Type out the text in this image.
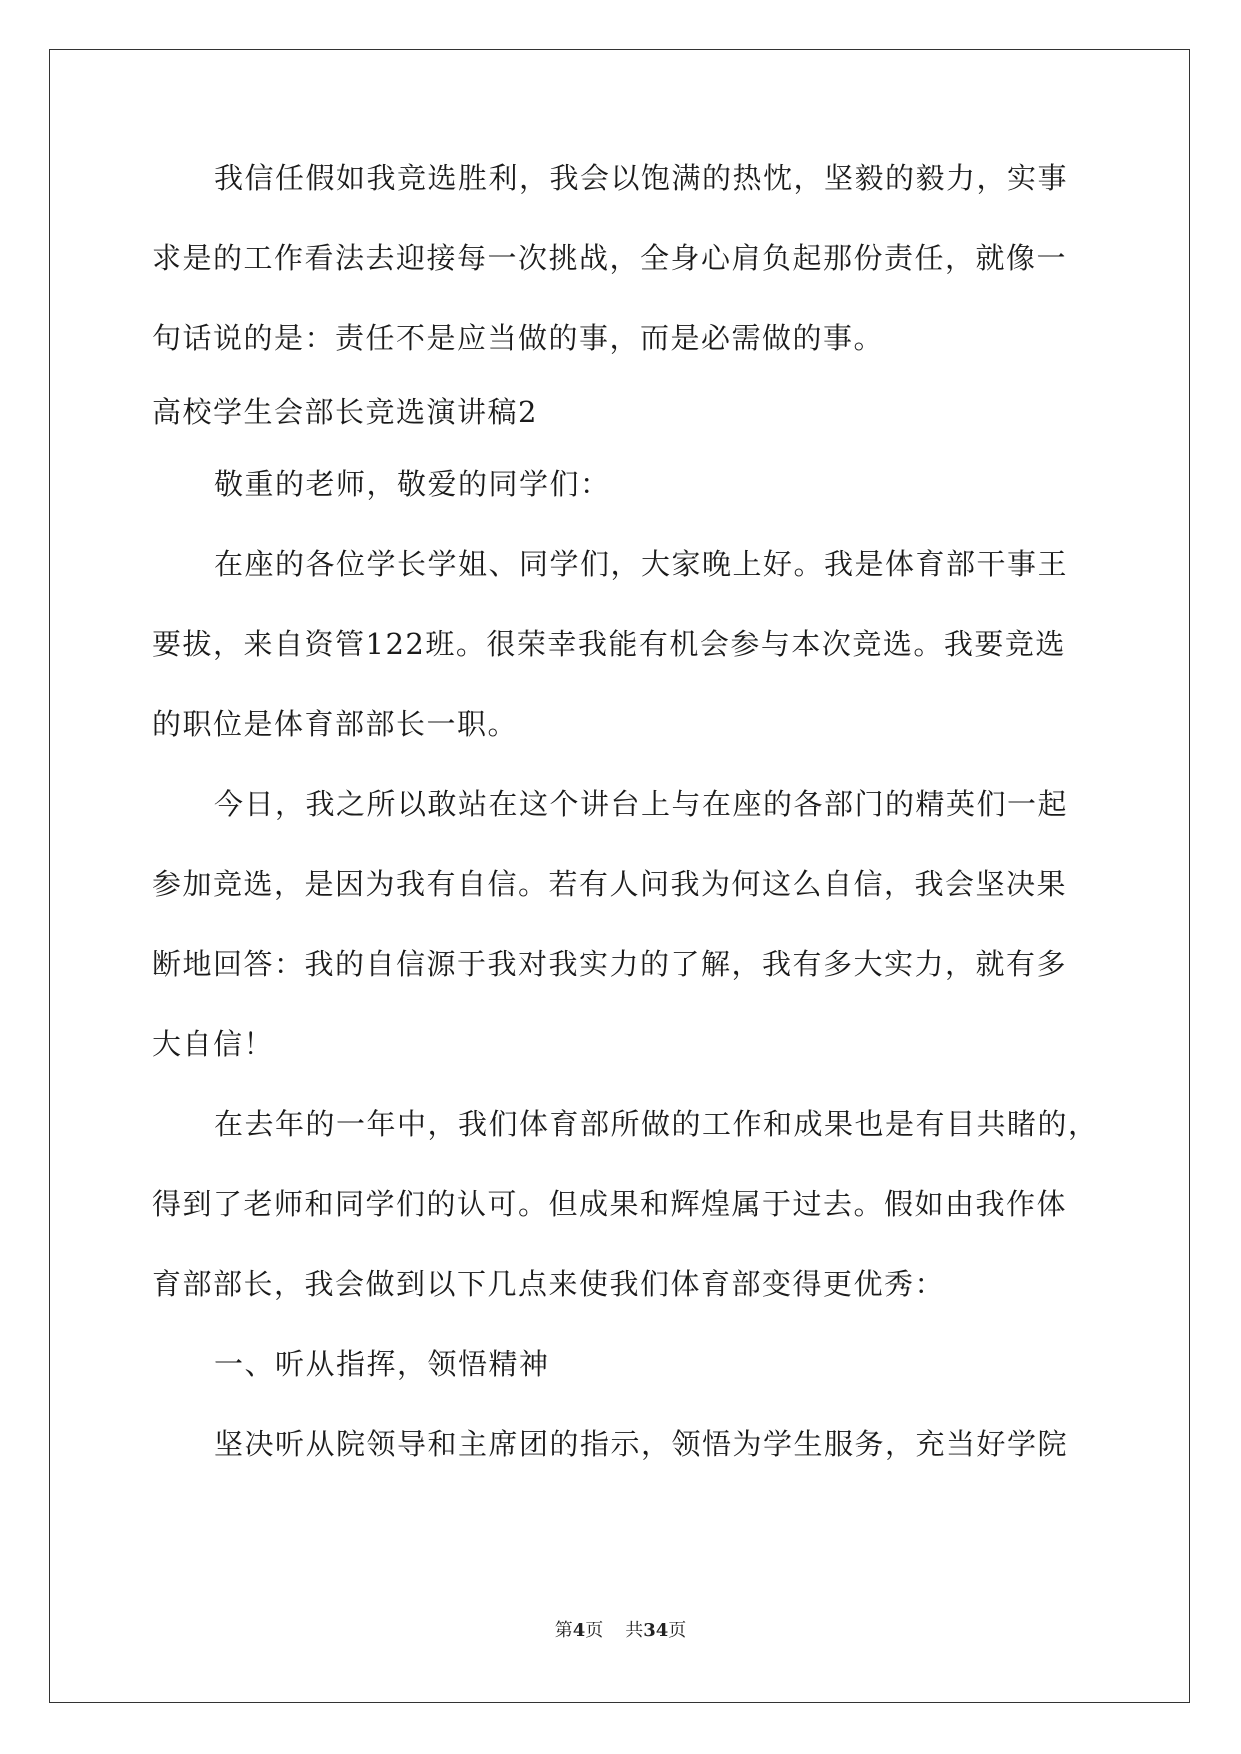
我信任假如我竞选胜利，我会以饱满的热忱，坚毅的毅力，实事
求是的工作看法去迎接每一次挑战，全身心肩负起那份责任，就像一
句话说的是：责任不是应当做的事，而是必需做的事。
高校学生会部长竞选演讲稿2
敬重的老师，敬爱的同学们：
在座的各位学长学姐、同学们，大家晚上好。我是体育部干事王
要拔，来自资管122班。很荣幸我能有机会参与本次竞选。我要竞选
的职位是体育部部长一职。
今日，我之所以敢站在这个讲台上与在座的各部门的精英们一起
参加竞选，是因为我有自信。若有人问我为何这么自信，我会坚决果
断地回答：我的自信源于我对我实力的了解，我有多大实力，就有多
大自信！
在去年的一年中，我们体育部所做的工作和成果也是有目共睹的，
得到了老师和同学们的认可。但成果和辉煌属于过去。假如由我作体
育部部长，我会做到以下几点来使我们体育部变得更优秀：
一、听从指挥，领悟精神
坚决听从院领导和主席团的指示，领悟为学生服务，充当好学院
第4页 共34页
